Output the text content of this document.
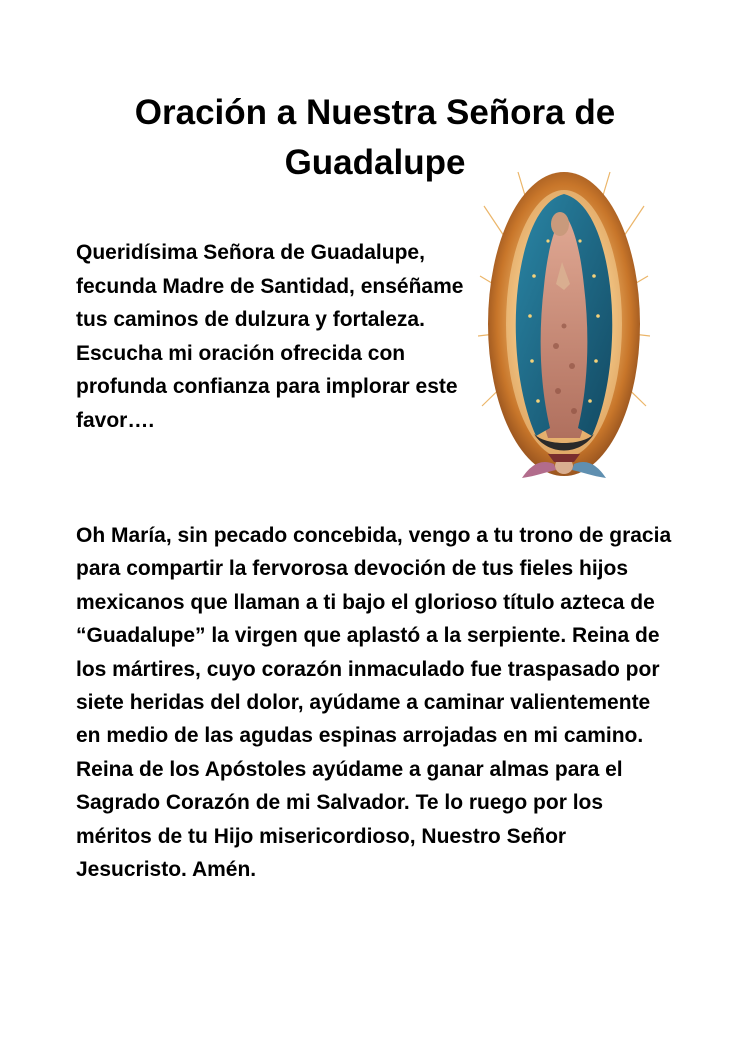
Oración a Nuestra Señora de Guadalupe

Queridísima Señora de Guadalupe, fecunda Madre de Santidad, enséñame tus caminos de dulzura y fortaleza. Escucha mi oración ofrecida con profunda confianza para implorar este favor….

Oh María, sin pecado concebida, vengo a tu trono de gracia para compartir la fervorosa devoción de tus fieles hijos mexicanos que llaman a ti bajo el glorioso título azteca de “Guadalupe” la virgen que aplastó a la serpiente. Reina de los mártires, cuyo corazón inmaculado fue traspasado por siete heridas del dolor, ayúdame a caminar valientemente en medio de las agudas espinas arrojadas en mi camino. Reina de los Apóstoles ayúdame a ganar almas para el Sagrado Corazón de mi Salvador. Te lo ruego por los méritos de tu Hijo misericordioso, Nuestro Señor Jesucristo. Amén.
